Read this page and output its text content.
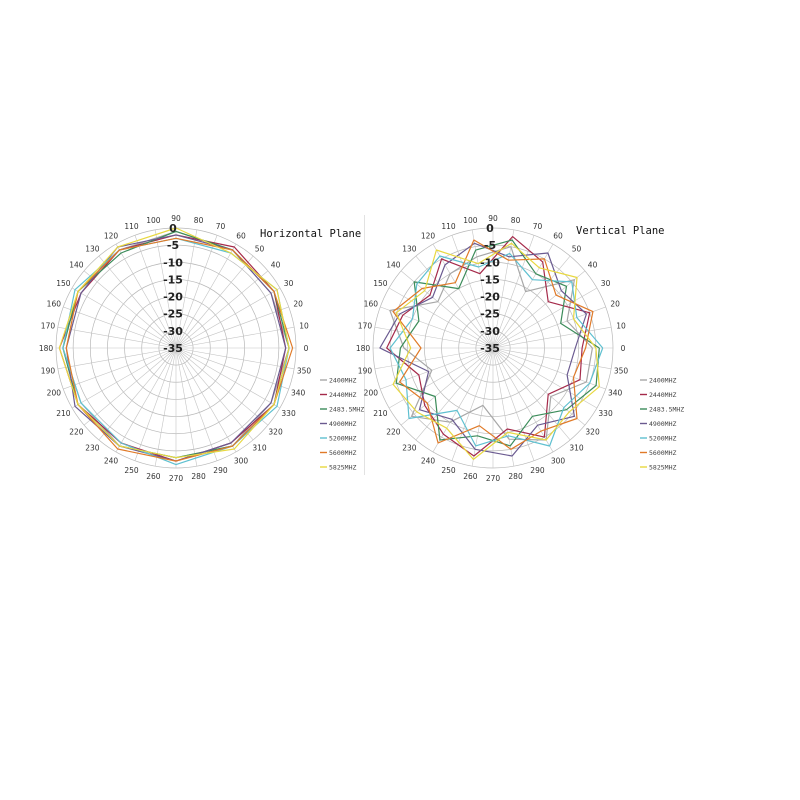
0
10
20
30
40
50
60
70
80
90
100
110
120
130
140
150
160
170
180
190
200
210
220
230
240
250
260 270 280
290
300
310
320
330
340
350
0
-5
-10
-15
-20
-25
-30
-35
Horizontal Plane
2400MHZ
2440MHZ
2483.5MHZ
4900MHZ
5200MHZ
5600MHZ
5825MHZ
0
10
20
30
40
50
60
70
80
90
100
110
120
130
140
150
160
170
180
190
200
210
220
230
240
250
260 270 280
290
300
310
320
330
340
350
0
-5
-10
-15
-20
-25
-30
-35
Vertical Plane
2400MHZ
2440MHZ
2483.5MHZ
4900MHZ
5200MHZ
5600MHZ
5825MHZ
